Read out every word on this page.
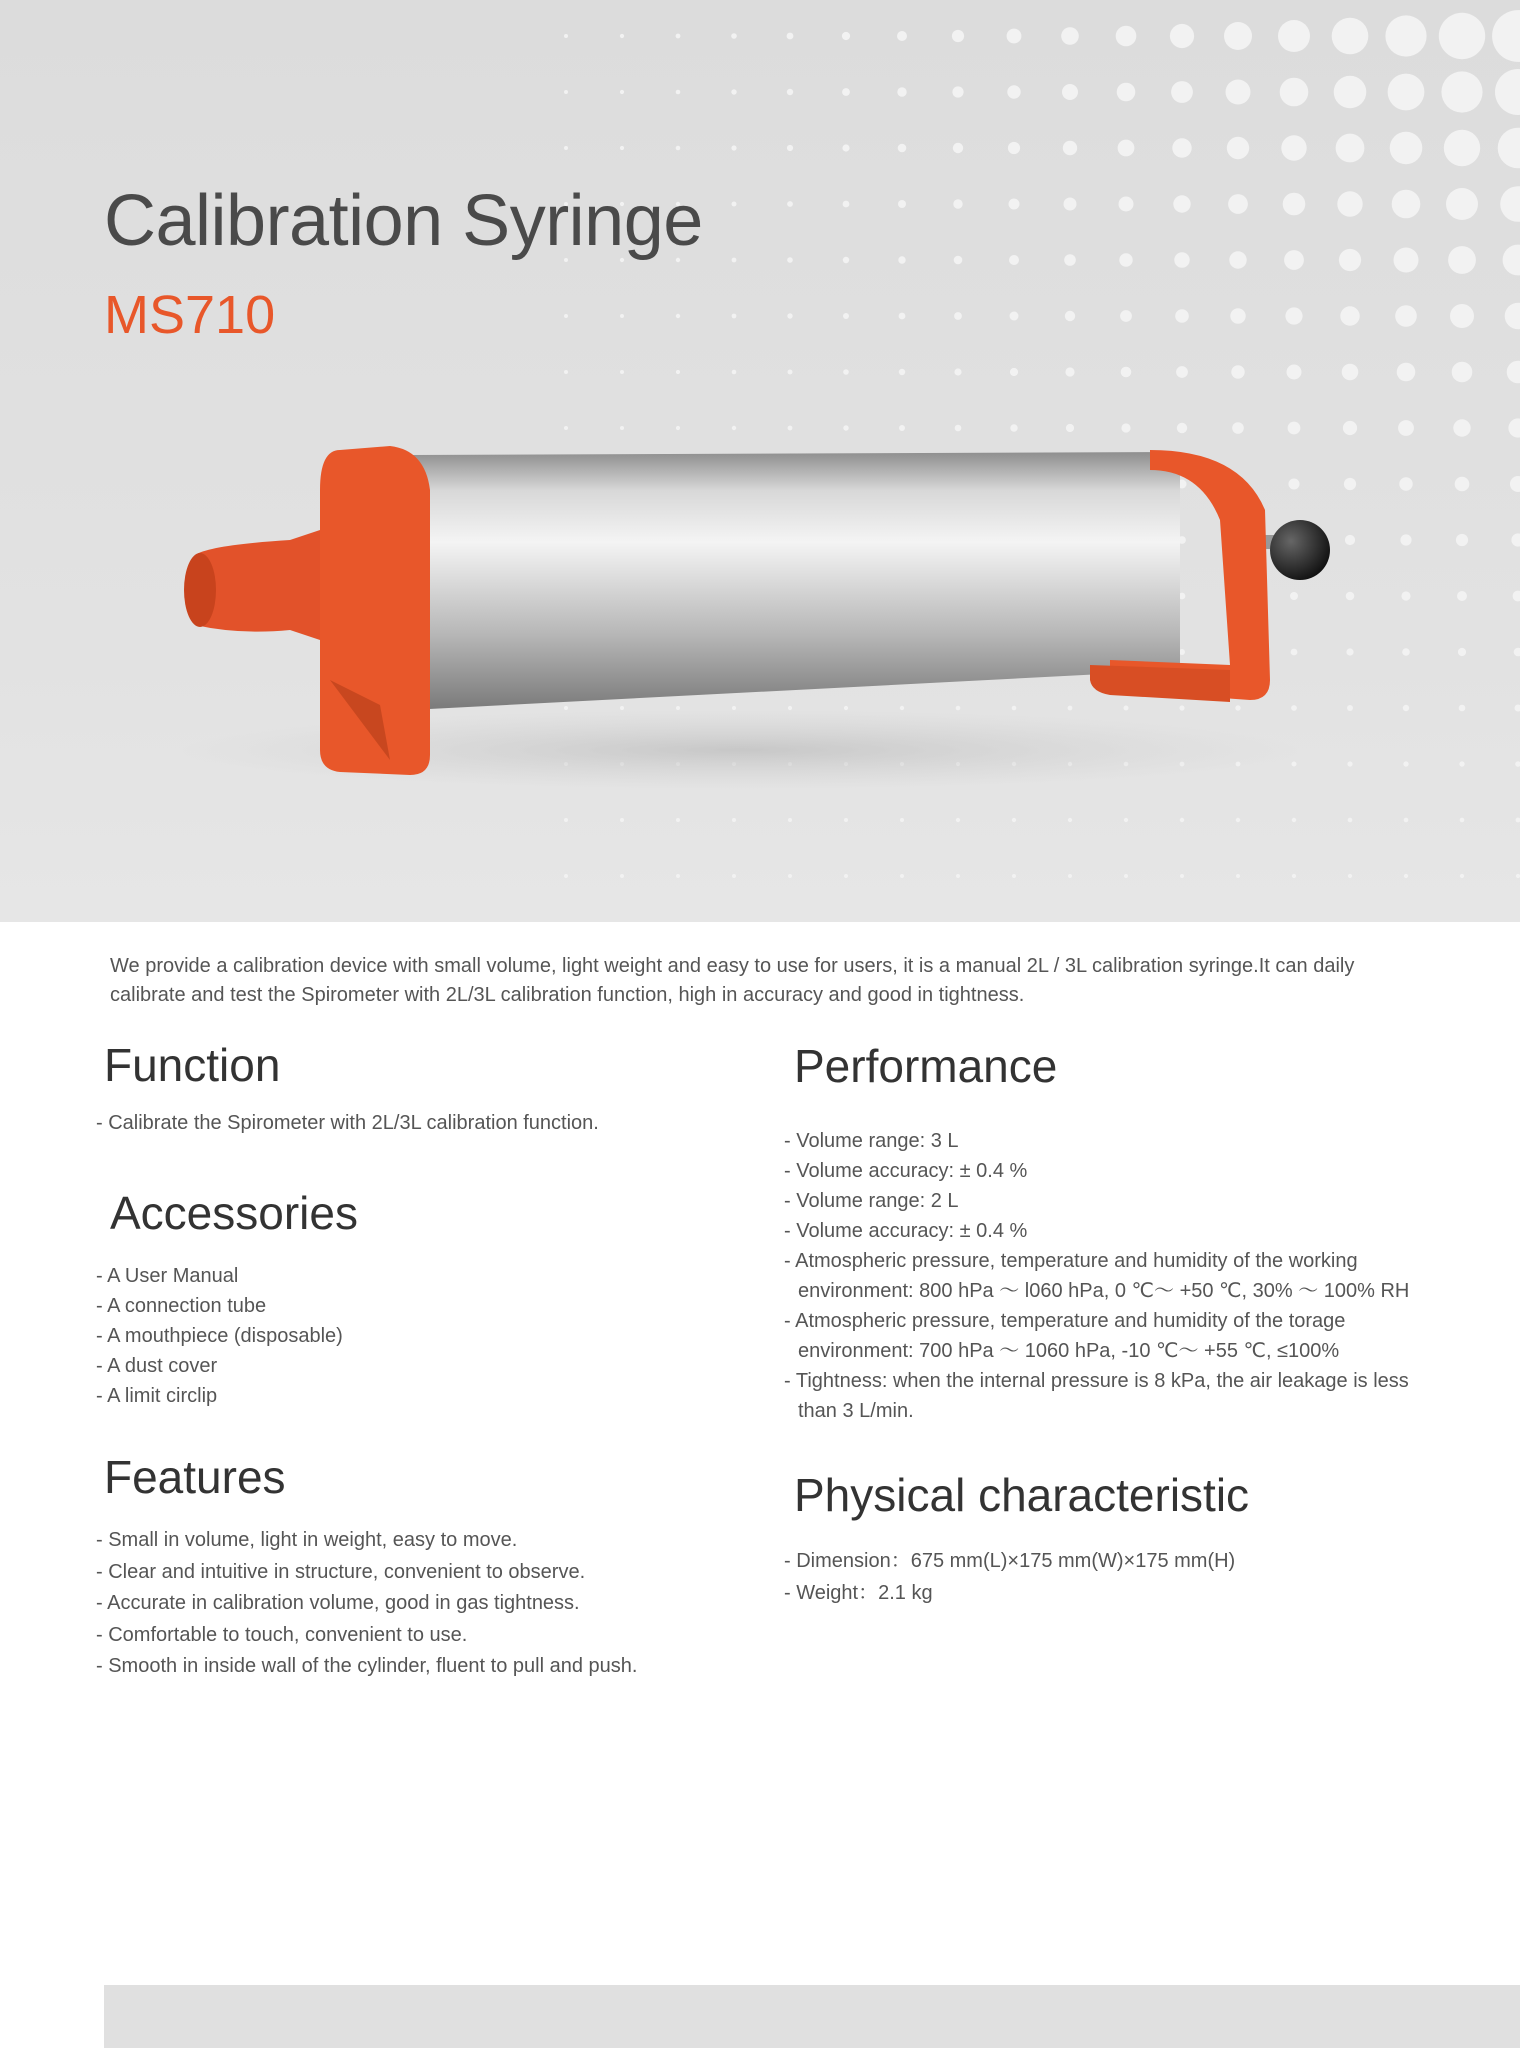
Calibration Syringe
MS710

We provide a calibration device with small volume, light weight and easy to use for users, it is a manual 2L / 3L calibration syringe.It can daily calibrate and test the Spirometer with 2L/3L calibration function, high in accuracy and good in tightness.

Function
- Calibrate the Spirometer with 2L/3L calibration function.
Accessories
- A User Manual
- A connection tube
- A mouthpiece (disposable)
- A dust cover
- A limit circlip
Features
- Small in volume, light in weight, easy to move.
- Clear and intuitive in structure, convenient to observe.
- Accurate in calibration volume, good in gas tightness.
- Comfortable to touch, convenient to use.
- Smooth in inside wall of the cylinder, fluent to pull and push.
Performance
- Volume range: 3 L
- Volume accuracy: ± 0.4 %
- Volume range: 2 L
- Volume accuracy: ± 0.4 %
- Atmospheric pressure, temperature and humidity of the working environment: 800 hPa ～ l060 hPa, 0 ℃～ +50 ℃, 30% ～ 100% RH
- Atmospheric pressure, temperature and humidity of the torage environment: 700 hPa ～ 1060 hPa, -10 ℃～ +55 ℃, ≤100%
- Tightness: when the internal pressure is 8 kPa, the air leakage is less than 3 L/min.
Physical characteristic
- Dimension：675 mm(L)×175 mm(W)×175 mm(H)
- Weight：2.1 kg
